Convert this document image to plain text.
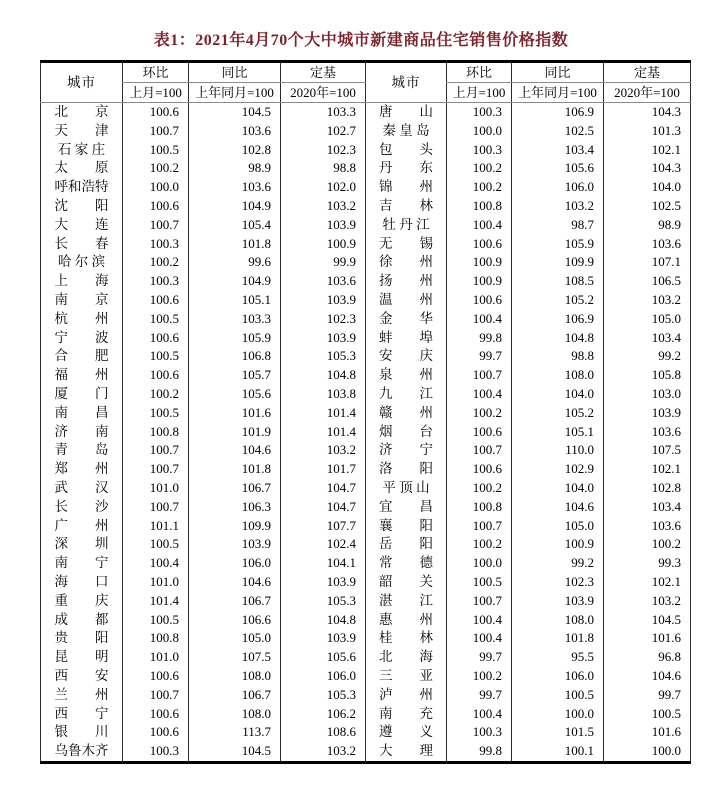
表1：2021年4月70个大中城市新建商品住宅销售价格指数
城市	环比	同比	定基	城市	环比	同比	定基
	上月=100	上年同月=100	2020年=100		上月=100	上年同月=100	2020年=100
北　　京	100.6	104.5	103.3	唐　　山	100.3	106.9	104.3
天　　津	100.7	103.6	102.7	秦 皇 岛	100.0	102.5	101.3
石 家 庄	100.5	102.8	102.3	包　　头	100.3	103.4	102.1
太　　原	100.2	98.9	98.8	丹　　东	100.2	105.6	104.3
呼和浩特	100.0	103.6	102.0	锦　　州	100.2	106.0	104.0
沈　　阳	100.6	104.9	103.2	吉　　林	100.8	103.2	102.5
大　　连	100.7	105.4	103.9	牡 丹 江	100.4	98.7	98.9
长　　春	100.3	101.8	100.9	无　　锡	100.6	105.9	103.6
哈 尔 滨	100.2	99.6	99.9	徐　　州	100.9	109.9	107.1
上　　海	100.3	104.9	103.6	扬　　州	100.9	108.5	106.5
南　　京	100.6	105.1	103.9	温　　州	100.6	105.2	103.2
杭　　州	100.5	103.3	102.3	金　　华	100.4	106.9	105.0
宁　　波	100.6	105.9	103.9	蚌　　埠	99.8	104.8	103.4
合　　肥	100.5	106.8	105.3	安　　庆	99.7	98.8	99.2
福　　州	100.6	105.7	104.8	泉　　州	100.7	108.0	105.8
厦　　门	100.2	105.6	103.8	九　　江	100.4	104.0	103.0
南　　昌	100.5	101.6	101.4	赣　　州	100.2	105.2	103.9
济　　南	100.8	101.9	101.4	烟　　台	100.6	105.1	103.6
青　　岛	100.7	104.6	103.2	济　　宁	100.7	110.0	107.5
郑　　州	100.7	101.8	101.7	洛　　阳	100.6	102.9	102.1
武　　汉	101.0	106.7	104.7	平 顶 山	100.2	104.0	102.8
长　　沙	100.7	106.3	104.7	宜　　昌	100.8	104.6	103.4
广　　州	101.1	109.9	107.7	襄　　阳	100.7	105.0	103.6
深　　圳	100.5	103.9	102.4	岳　　阳	100.2	100.9	100.2
南　　宁	100.4	106.0	104.1	常　　德	100.0	99.2	99.3
海　　口	101.0	104.6	103.9	韶　　关	100.5	102.3	102.1
重　　庆	101.4	106.7	105.3	湛　　江	100.7	103.9	103.2
成　　都	100.5	106.6	104.8	惠　　州	100.4	108.0	104.5
贵　　阳	100.8	105.0	103.9	桂　　林	100.4	101.8	101.6
昆　　明	101.0	107.5	105.6	北　　海	99.7	95.5	96.8
西　　安	100.6	108.0	106.0	三　　亚	100.2	106.0	104.6
兰　　州	100.7	106.7	105.3	泸　　州	99.7	100.5	99.7
西　　宁	100.6	108.0	106.2	南　　充	100.4	100.0	100.5
银　　川	100.6	113.7	108.6	遵　　义	100.3	101.5	101.6
乌鲁木齐	100.3	104.5	103.2	大　　理	99.8	100.1	100.0
